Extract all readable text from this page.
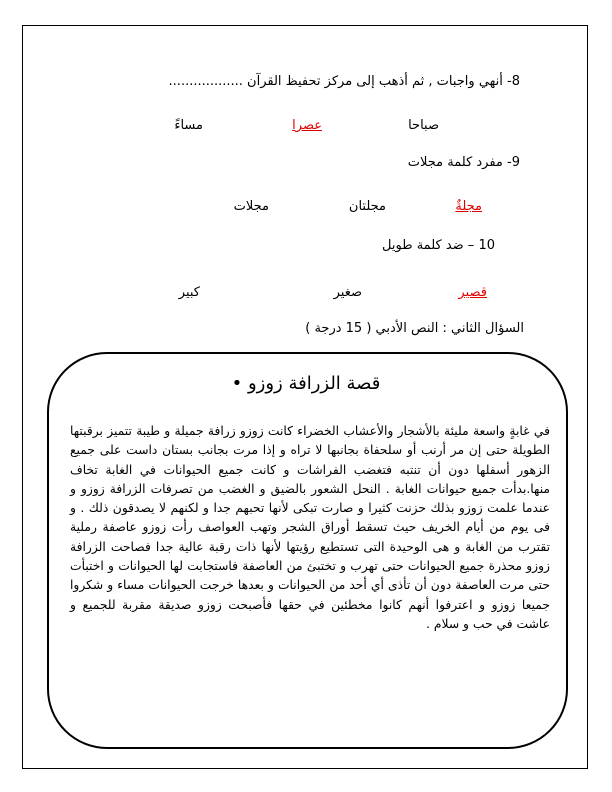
8- أنهي واجبات , ثم أذهب إلى مركز تحفيظ القرآن ..................
صباحا
عصرا
مساءً
9- مفرد كلمة مجلات
مجلةٌ
مجلتان
مجلات
10 – ضد كلمة طويل
قصير
صغير
كبير
السؤال الثاني : النص الأدبي ( 15 درجة )
قصة الزرافة زوزو •
في غابةٍ واسعة مليئة بالأشجار والأعشاب الخضراء كانت زوزو زرافة جميلة و طيبة تتميز برقبتها الطويلة حتى إن مر أرنب أو سلحفاة بجانبها لا تراه و إذا مرت بجانب بستان داست على جميع الزهور أسفلها دون أن تنتبه فتغضب الفراشات و كانت جميع الحيوانات في الغابة تخاف منها.بدأت جميع حيوانات الغابة . النحل الشعور بالضيق و الغضب من تصرفات الزرافة زوزو و عندما علمت زوزو بذلك حزنت كثيرا و صارت تبكى لأنها تحبهم جدا و لكنهم لا يصدقون ذلك . و فى يوم من أيام الخريف حيث تسقط أوراق الشجر وتهب العواصف رأت زوزو عاصفة رملية تقترب من الغابة و هى الوحيدة التى تستطيع رؤيتها لأنها ذات رقبة عالية جدا فصاحت الزرافة زوزو محذرة جميع الحيوانات حتى تهرب و تختبئ من العاصفة فاستجابت لها الحيوانات و اختبأت حتى مرت العاصفة دون أن تأذى أي أحد من الحيوانات و بعدها خرجت الحيوانات مساء و شكروا جميعا زوزو و اعترفوا أنهم كانوا مخطئين في حقها فأصبحت زوزو صديقة مقربة للجميع و عاشت في حب و سلام .
